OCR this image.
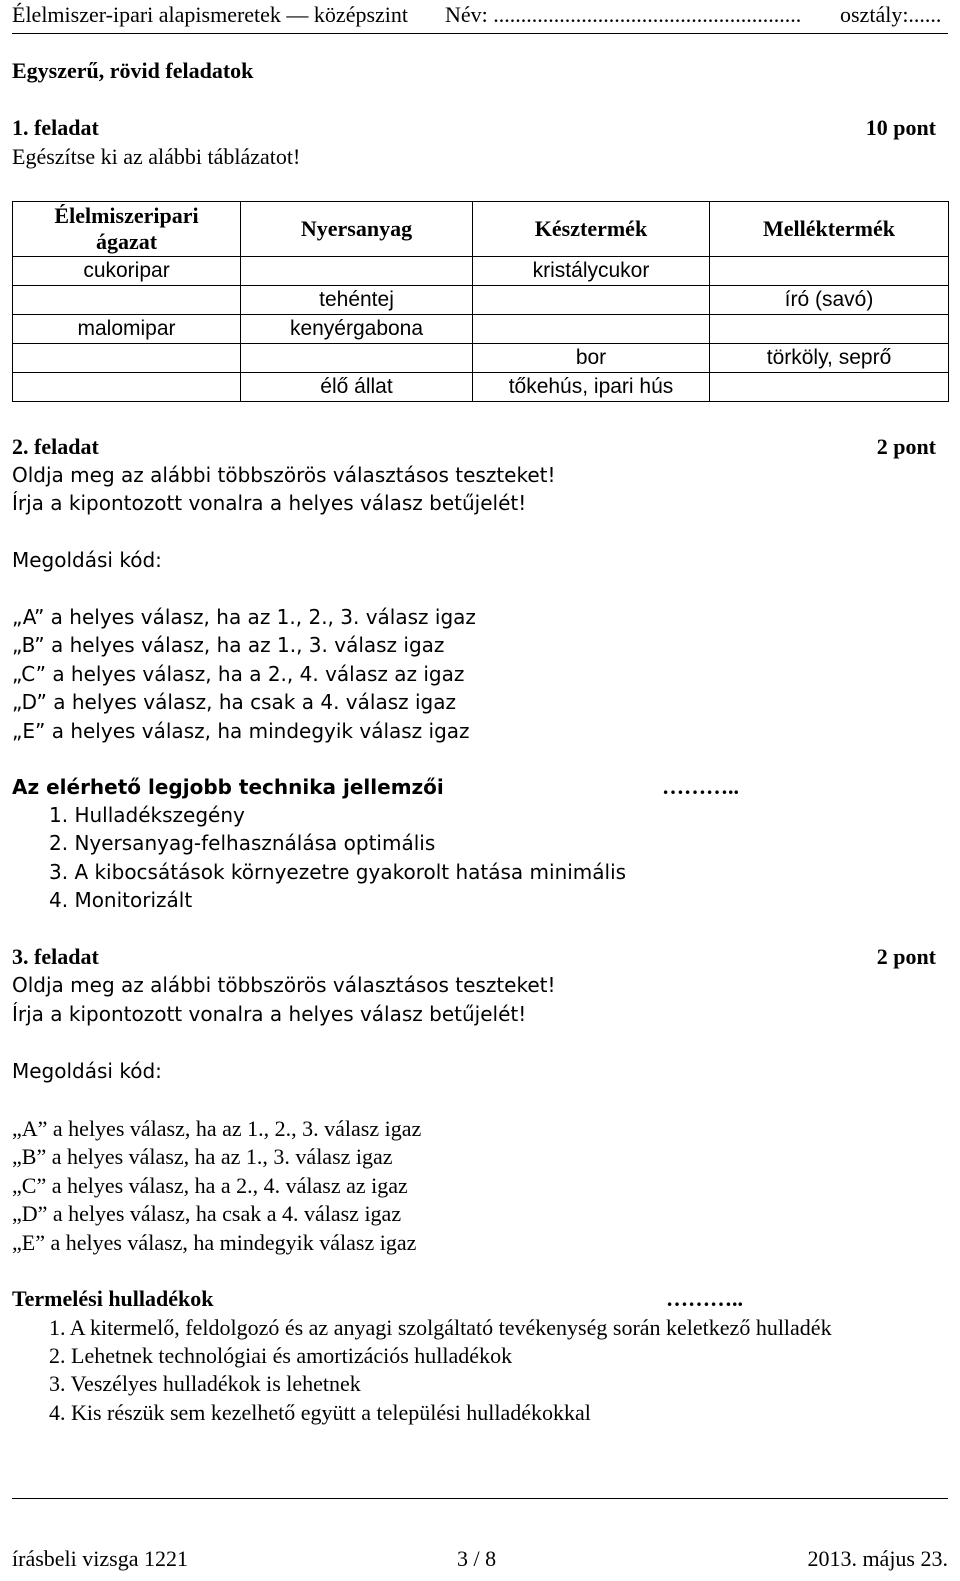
Élelmiszer-ipari alapismeretek — középszint Név: ........................................................ osztály:......
Egyszerű, rövid feladatok
1. feladat	10 pont
Egészítse ki az alábbi táblázatot!
Élelmiszeripari ágazat	Nyersanyag	Késztermék	Melléktermék
cukoripar		kristálycukor	
	tehéntej		író (savó)
malomipar	kenyérgabona		
		bor	törköly, seprő
	élő állat	tőkehús, ipari hús	
2. feladat	2 pont
Oldja meg az alábbi többszörös választásos teszteket!
Írja a kipontozott vonalra a helyes válasz betűjelét!
Megoldási kód:
„A” a helyes válasz, ha az 1., 2., 3. válasz igaz
„B” a helyes válasz, ha az 1., 3. válasz igaz
„C” a helyes válasz, ha a 2., 4. válasz az igaz
„D” a helyes válasz, ha csak a 4. válasz igaz
„E” a helyes válasz, ha mindegyik válasz igaz
Az elérhető legjobb technika jellemzői	………..
1. Hulladékszegény
2. Nyersanyag-felhasználása optimális
3. A kibocsátások környezetre gyakorolt hatása minimális
4. Monitorizált
3. feladat	2 pont
Oldja meg az alábbi többszörös választásos teszteket!
Írja a kipontozott vonalra a helyes válasz betűjelét!
Megoldási kód:
„A” a helyes válasz, ha az 1., 2., 3. válasz igaz
„B” a helyes válasz, ha az 1., 3. válasz igaz
„C” a helyes válasz, ha a 2., 4. válasz az igaz
„D” a helyes válasz, ha csak a 4. válasz igaz
„E” a helyes válasz, ha mindegyik válasz igaz
Termelési hulladékok	………..
1. A kitermelő, feldolgozó és az anyagi szolgáltató tevékenység során keletkező hulladék
2. Lehetnek technológiai és amortizációs hulladékok
3. Veszélyes hulladékok is lehetnek
4. Kis részük sem kezelhető együtt a települési hulladékokkal
írásbeli vizsga 1221	3 / 8	2013. május 23.
